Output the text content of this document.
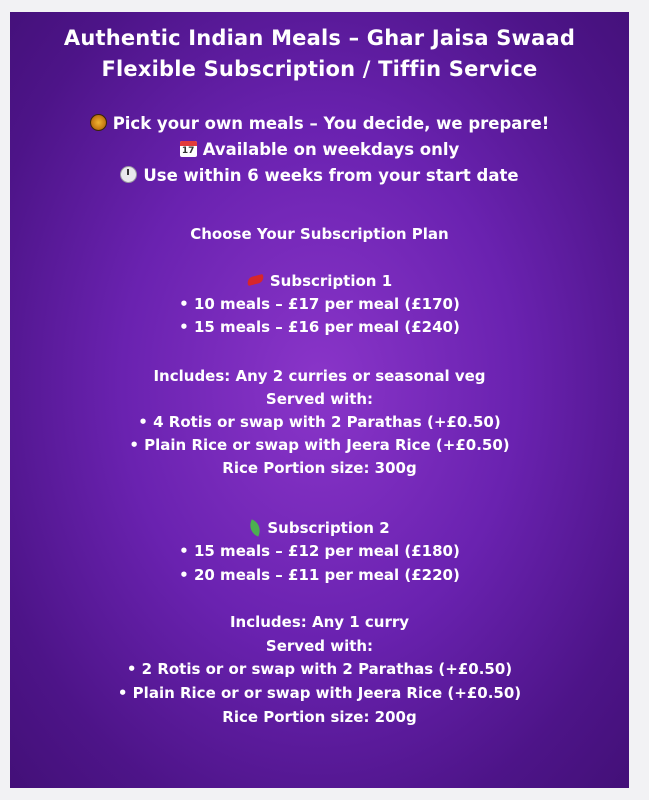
Authentic Indian Meals – Ghar Jaisa Swaad
Flexible Subscription / Tiffin Service
Pick your own meals – You decide, we prepare!
17Available on weekdays only
Use within 6 weeks from your start date
Choose Your Subscription Plan
Subscription 1
• 10 meals – £17 per meal (£170)
• 15 meals – £16 per meal (£240)
Includes: Any 2 curries or seasonal veg
Served with:
• 4 Rotis or swap with 2 Parathas (+£0.50)
• Plain Rice or swap with Jeera Rice (+£0.50)
Rice Portion size: 300g
Subscription 2
• 15 meals – £12 per meal (£180)
• 20 meals – £11 per meal (£220)
Includes: Any 1 curry
Served with:
• 2 Rotis or or swap with 2 Parathas (+£0.50)
• Plain Rice or or swap with Jeera Rice (+£0.50)
Rice Portion size: 200g
